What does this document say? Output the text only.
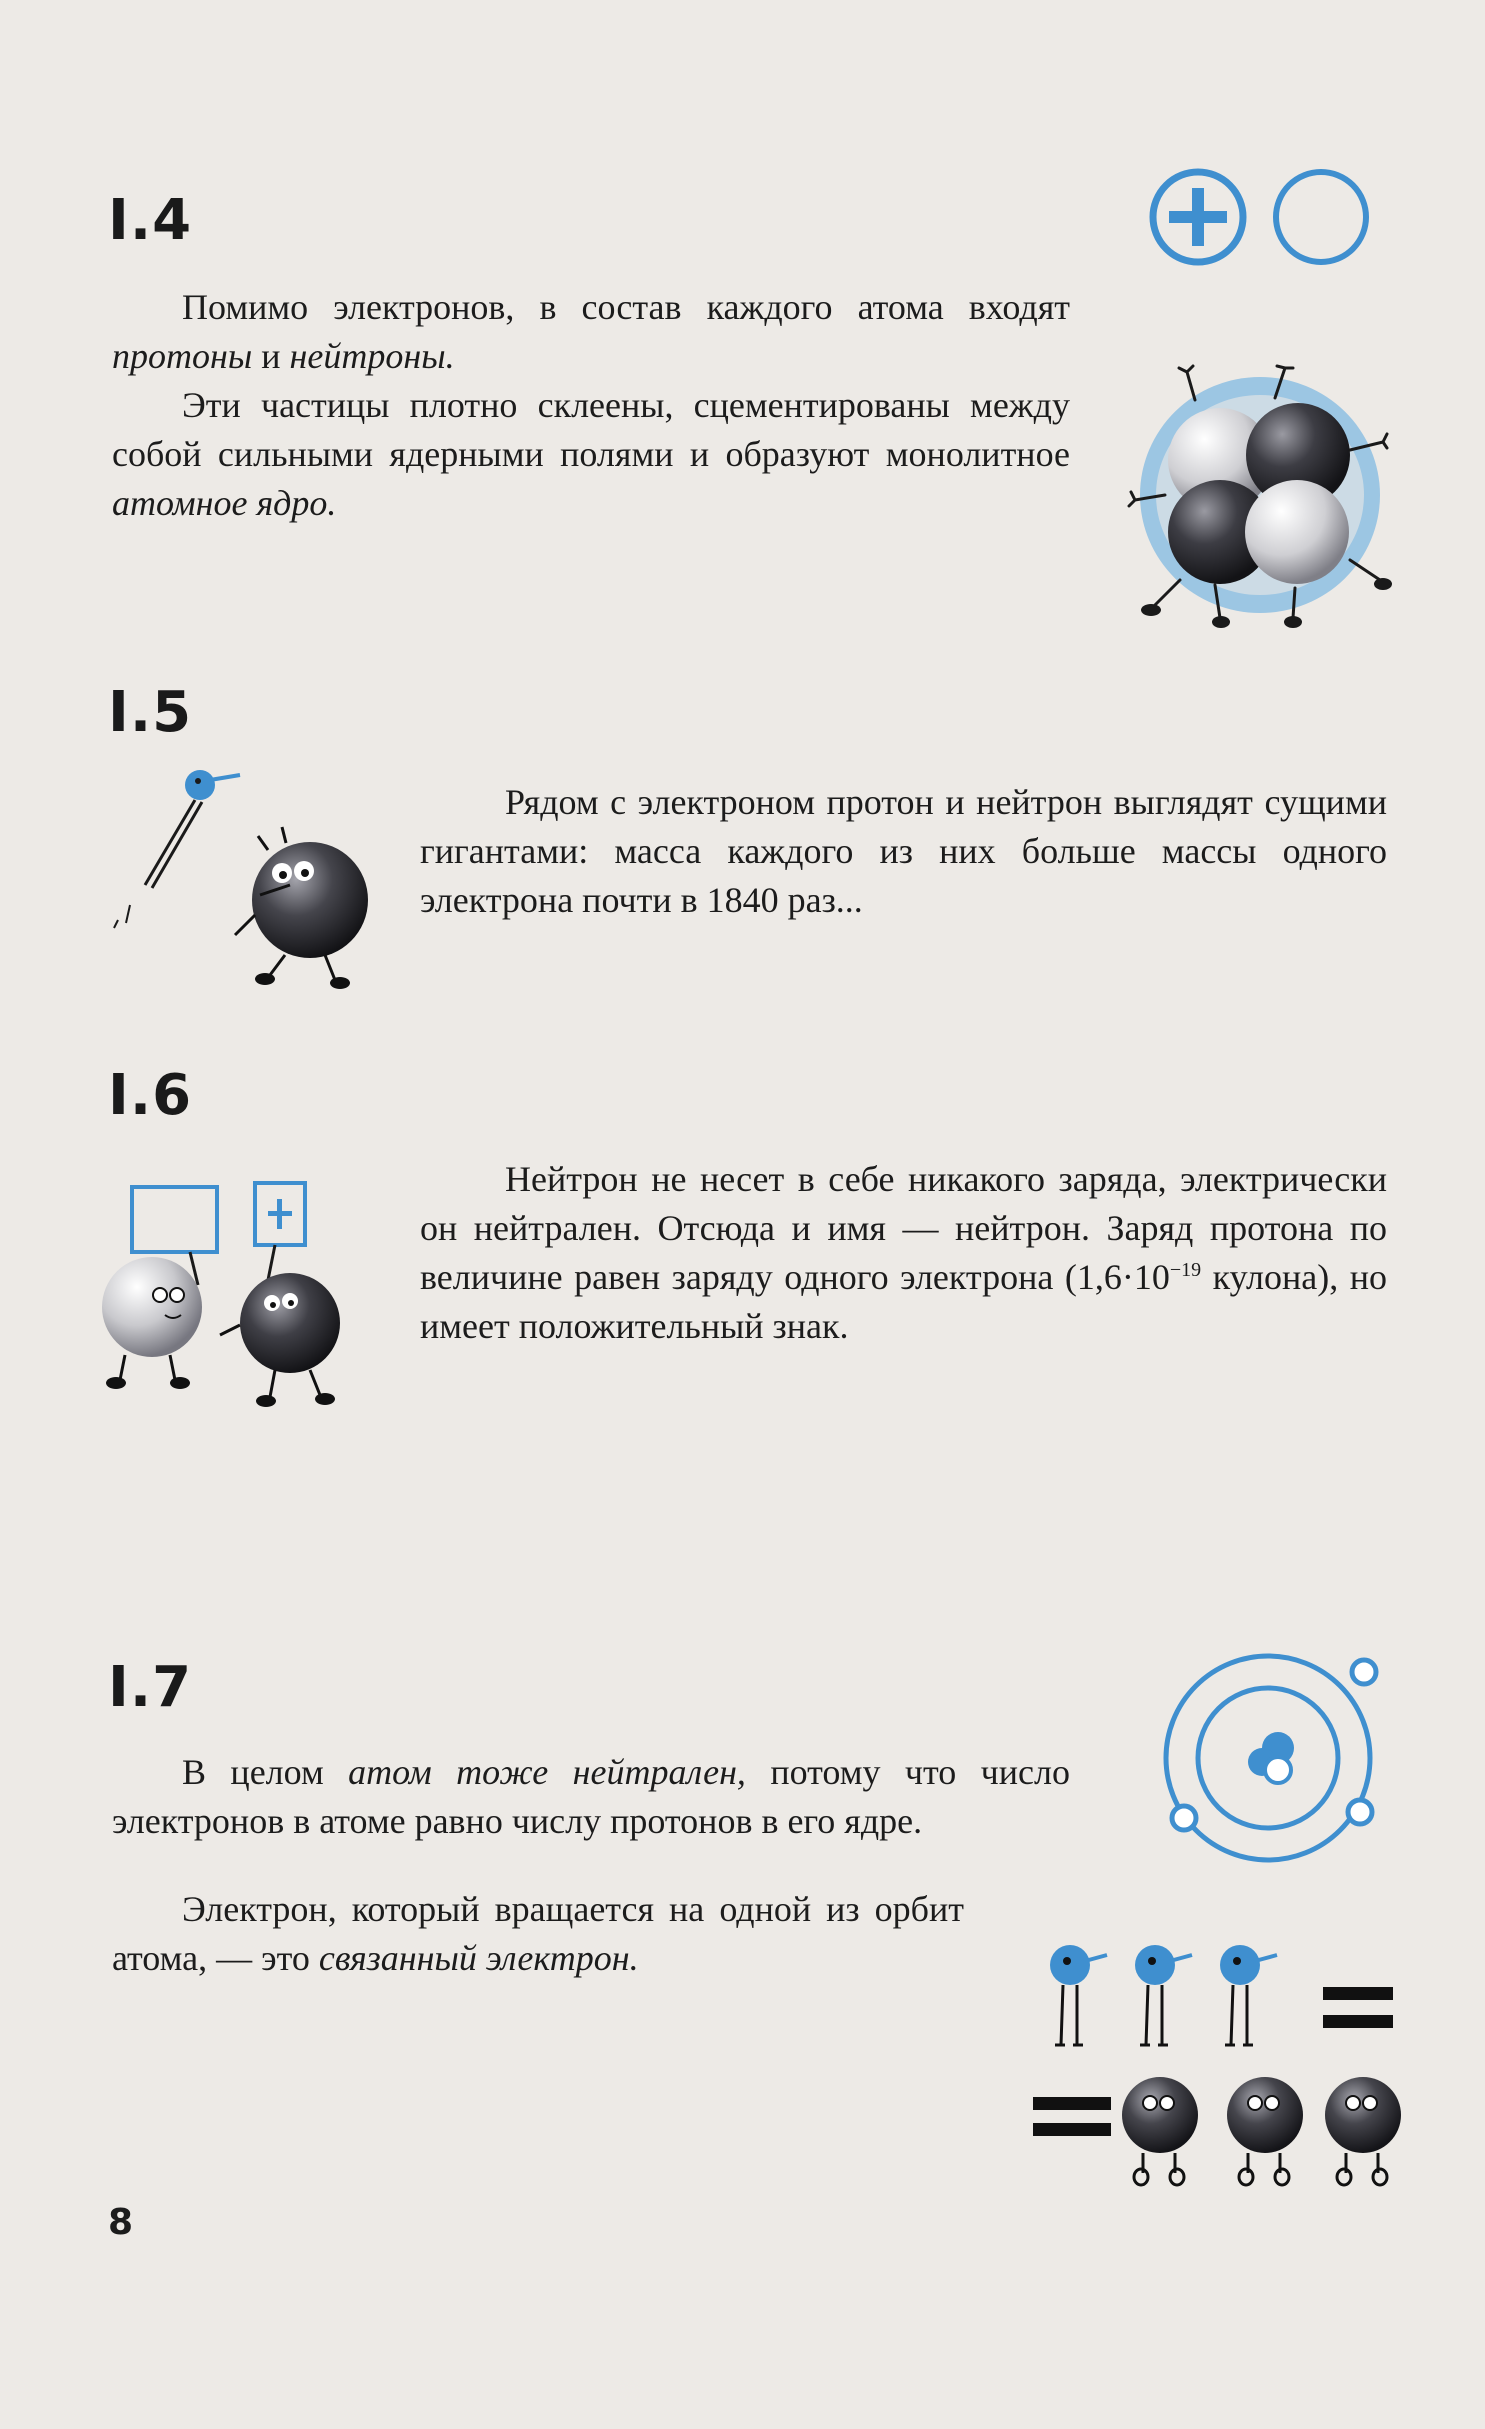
I.4

Помимо электронов, в состав каждого атома входят протоны и нейтроны.

Эти частицы плотно склеены, сцементированы между собой сильными ядерными полями и образуют монолитное атомное ядро.

I.5

Рядом с электроном протон и нейтрон выглядят сущими гигантами: масса каждого из них больше массы одного электрона почти в 1840 раз...

I.6

Нейтрон не несет в себе никакого заряда, электрически он нейтрален. Отсюда и имя — нейтрон. Заряд протона по величине равен заряду одного электрона ($1,6\cdot 10^{-19}$ кулона), но имеет положительный знак.

I.7

В целом атом тоже нейтрален, потому что число электронов в атоме равно числу протонов в его ядре.

Электрон, который вращается на одной из орбит атома, — это связанный электрон.

8
